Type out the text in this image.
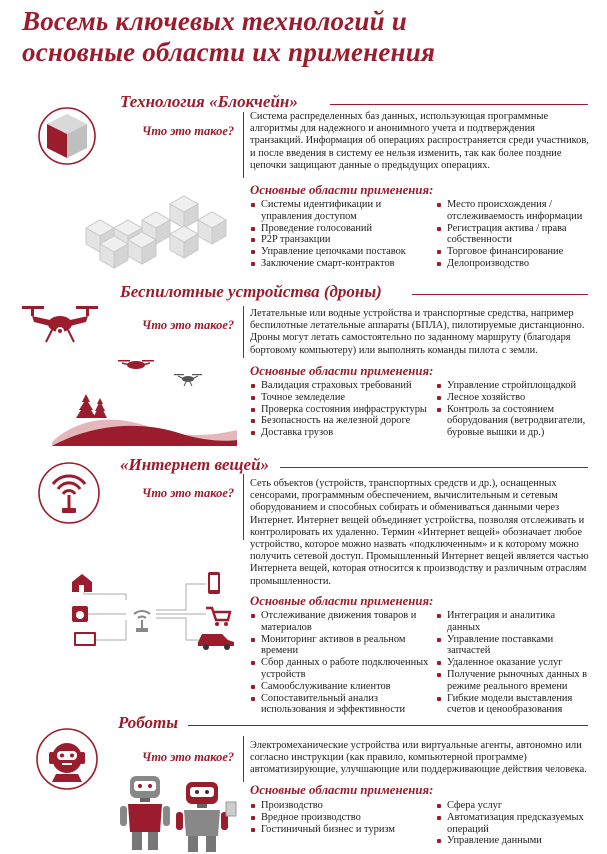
Восемь ключевых технологий и
основные области их применения
Технология «Блокчейн»
Что это такое?
Система распределенных баз данных, использующая программные алгоритмы для надежного и анонимного учета и подтверждения транзакций. Информация об операциях распространяется среди участников, и после введения в систему ее нельзя изменить, так как более поздние цепочки защищают данные о предыдущих операциях.
Основные области применения:
Системы идентификации и управления доступом
Проведение голосований
P2P транзакции
Управление цепочками поставок
Заключение смарт-контрактов
Место происхождения / отслеживаемость информации
Регистрация актива / права собственности
Торговое финансирование
Делопроизводство
Беспилотные устройства (дроны)
Что это такое?
Летательные или водные устройства и транспортные средства, например беспилотные летательные аппараты (БПЛА), пилотируемые дистанционно. Дроны могут летать самостоятельно по заданному маршруту (благодаря бортовому компьютеру) или выполнять команды пилота с земли.
Основные области применения:
Валидация страховых требований
Точное земледелие
Проверка состояния инфраструктуры
Безопасность на железной дороге
Доставка грузов
Управление стройплощадкой
Лесное хозяйство
Контроль за состоянием оборудования (ветродвигатели, буровые вышки и др.)
«Интернет вещей»
Что это такое?
Сеть объектов (устройств, транспортных средств и др.), оснащенных сенсорами, программным обеспечением, вычислительным и сетевым оборудованием и способных собирать и обмениваться данными через Интернет. Интернет вещей объединяет устройства, позволяя отслеживать и контролировать их удаленно. Термин «Интернет вещей» обозначает любое устройство, которое можно назвать «подключенным» и к которому можно получить сетевой доступ. Промышленный Интернет вещей является частью Интернета вещей, которая относится к производству и различным отраслям промышленности.
Основные области применения:
Отслеживание движения товаров и материалов
Мониторинг активов в реальном времени
Сбор данных о работе подключенных устройств
Самообслуживание клиентов
Сопоставительный анализ использования и эффективности
Интеграция и аналитика данных
Управление поставками запчастей
Удаленное оказание услуг
Получение рыночных данных в режиме реального времени
Гибкие модели выставления счетов и ценообразования
Роботы
Что это такое?
Электромеханические устройства или виртуальные агенты, автономно или согласно инструкции (как правило, компьютерной программе) автоматизирующие, улучшающие или поддерживающие действия человека.
Основные области применения:
Производство
Вредное производство
Гостиничный бизнес и туризм
Сфера услуг
Автоматизация предсказуемых операций
Управление данными
